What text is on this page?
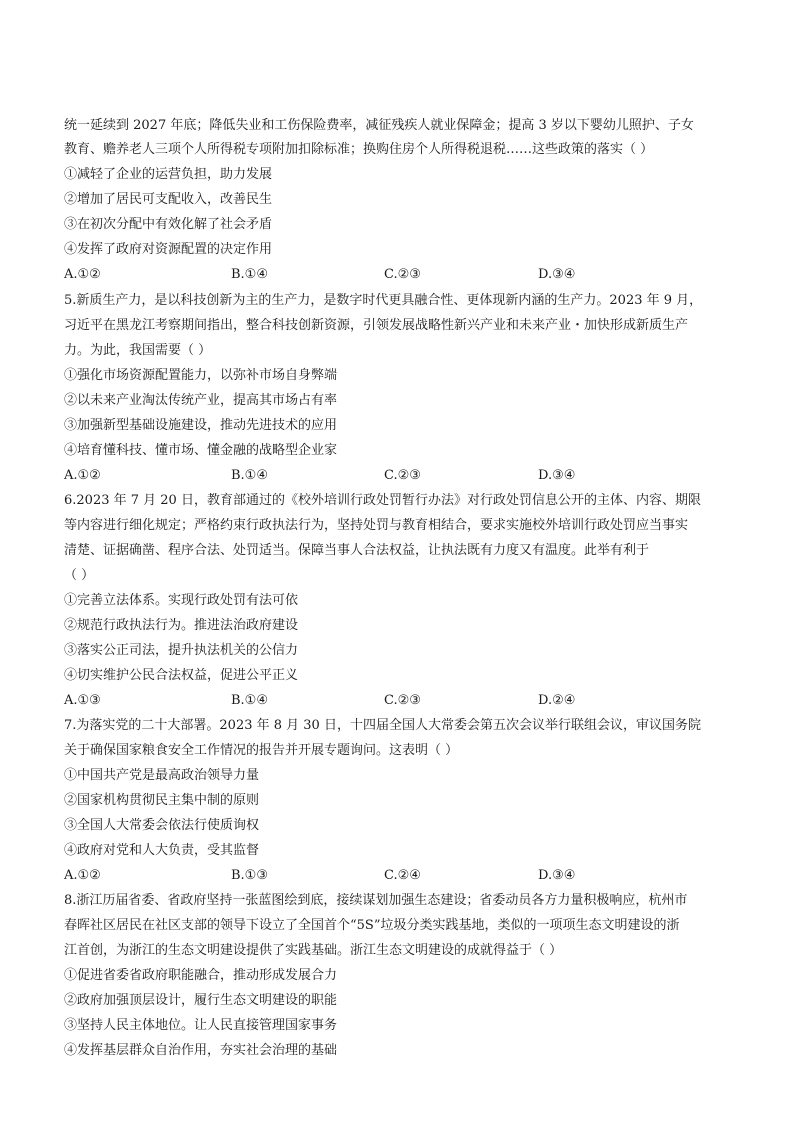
统一延续到 2027 年底；降低失业和工伤保险费率，减征残疾人就业保障金；提高 3 岁以下婴幼儿照护、子女
教育、赡养老人三项个人所得税专项附加扣除标准；换购住房个人所得税退税……这些政策的落实（ ）
①减轻了企业的运营负担，助力发展
②增加了居民可支配收入，改善民生
③在初次分配中有效化解了社会矛盾
④发挥了政府对资源配置的决定作用
A.①②	B.①④	C.②③	D.③④
5.新质生产力，是以科技创新为主的生产力，是数字时代更具融合性、更体现新内涵的生产力。2023 年 9 月，
习近平在黑龙江考察期间指出，整合科技创新资源，引领发展战略性新兴产业和未来产业・加快形成新质生产
力。为此，我国需要（ ）
①强化市场资源配置能力，以弥补市场自身弊端
②以未来产业淘汰传统产业，提高其市场占有率
③加强新型基础设施建设，推动先进技术的应用
④培育懂科技、懂市场、懂金融的战略型企业家
A.①②	B.①④	C.②③	D.③④
6.2023 年 7 月 20 日，教育部通过的《校外培训行政处罚暂行办法》对行政处罚信息公开的主体、内容、期限
等内容进行细化规定；严格约束行政执法行为，坚持处罚与教育相结合，要求实施校外培训行政处罚应当事实
清楚、证据确凿、程序合法、处罚适当。保障当事人合法权益，让执法既有力度又有温度。此举有利于
（ ）
①完善立法体系。实现行政处罚有法可依
②规范行政执法行为。推进法治政府建设
③落实公正司法，提升执法机关的公信力
④切实维护公民合法权益，促进公平正义
A.①③	B.①④	C.②③	D.②④
7.为落实党的二十大部署。2023 年 8 月 30 日，十四届全国人大常委会第五次会议举行联组会议，审议国务院
关于确保国家粮食安全工作情况的报告并开展专题询问。这表明（ ）
①中国共产党是最高政治领导力量
②国家机构贯彻民主集中制的原则
③全国人大常委会依法行使质询权
④政府对党和人大负责，受其监督
A.①②	B.①③	C.②④	D.③④
8.浙江历届省委、省政府坚持一张蓝图绘到底，接续谋划加强生态建设；省委动员各方力量积极响应，杭州市
春晖社区居民在社区支部的领导下设立了全国首个“5S”垃圾分类实践基地，类似的一项项生态文明建设的浙
江首创，为浙江的生态文明建设提供了实践基础。浙江生态文明建设的成就得益于（ ）
①促进省委省政府职能融合，推动形成发展合力
②政府加强顶层设计，履行生态文明建设的职能
③坚持人民主体地位。让人民直接管理国家事务
④发挥基层群众自治作用，夯实社会治理的基础
